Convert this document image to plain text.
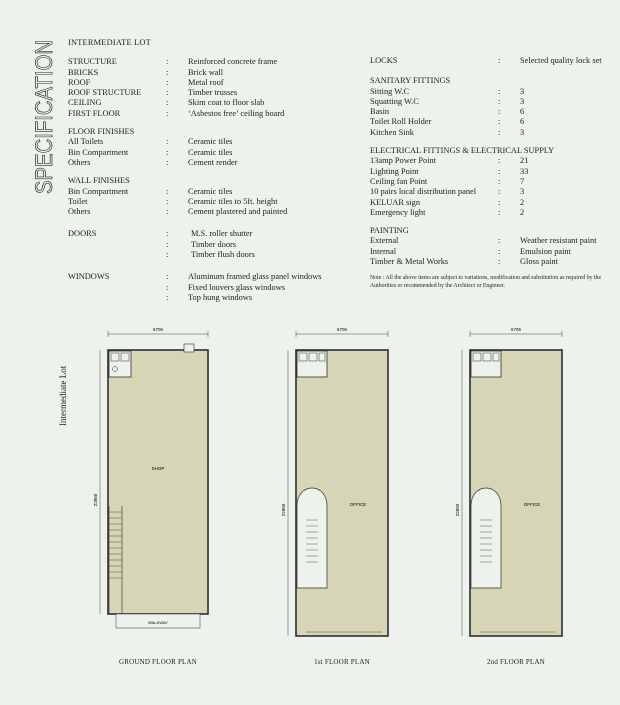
SPECIFICATION INTERMEDIATE LOT
STRUCTURE	:	Reinforced concrete frame
BRICKS	:	Brick wall
ROOF	:	Metal roof
ROOF STRUCTURE	:	Timber trusses
CEILING	:	Skim coat to floor slab
FIRST FLOOR	:	‘Asbestos free’ ceiling board
FLOOR FINISHES
All Toilets	:	Ceramic tiles
Bin Compartment	:	Ceramic tiles
Others	:	Cement render
WALL FINISHES
Bin Compartment	:	Ceramic tiles
Toilet	:	Ceramic tiles to 5ft. height
Others	:	Cement plastered and painted
DOORS	:	M.S. roller shutter
:	Timber doors
:	Timber flush doors
WINDOWS	:	Aluminum framed glass panel windows
:	Fixed louvers glass windows
:	Top hung windows
LOCKS	:	Selected quality lock set
SANITARY FITTINGS
Sitting W.C	:	3
Squatting W.C	:	3
Basin	:	6
Toilet Roll Holder	:	6
Kitchen Sink	:	3
ELECTRICAL FITTINGS & ELECTRICAL SUPPLY
13amp Power Point	:	21
Lighting Point	:	33
Ceiling fan Point	:	7
10 pairs local distribution panel	:	3
KELUAR sign	:	2
Emergency light	:	2
PAINTING
External	:	Weather resistant paint
Internal	:	Emulsion paint
Timber & Metal Works	:	Gloss paint
Note : All the above items are subject to variations, modification and substitution as required by the Authorities or recommended by the Architect or Engineer.
Intermediate Lot
6706
22860
SHOP
WALKWAY
6706
22860	OFFICE
6706
22860	OFFICE
GROUND FLOOR PLAN	1st FLOOR PLAN	2nd FLOOR PLAN
